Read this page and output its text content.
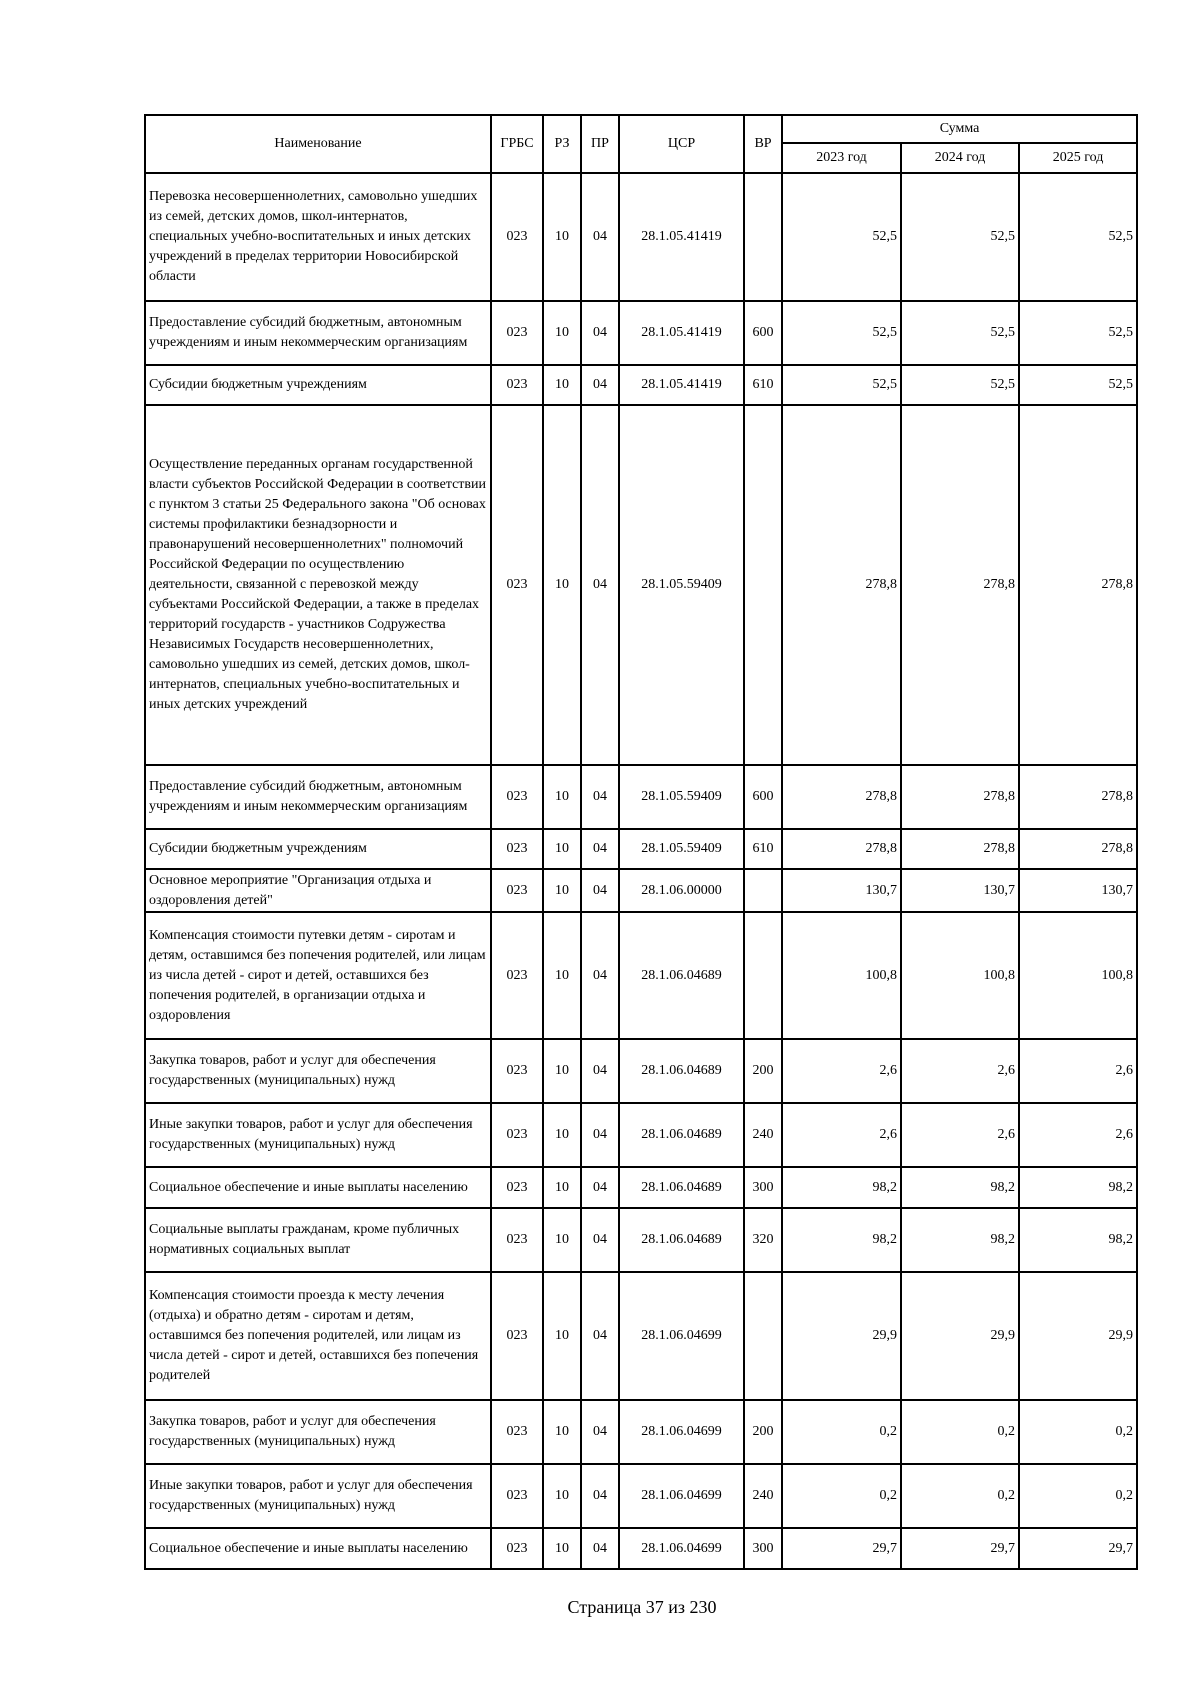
Наименование	ГРБС	РЗ	ПР	ЦСР	ВР	Сумма		
						2023 год	2024 год	2025 год
Перевозка несовершеннолетних, самовольно ушедших из семей, детских домов, школ-интернатов, специальных учебно-воспитательных и иных детских учреждений в пределах территории Новосибирской области	023	10	04	28.1.05.41419		52,5	52,5	52,5
Предоставление субсидий бюджетным, автономным учреждениям и иным некоммерческим организациям	023	10	04	28.1.05.41419	600	52,5	52,5	52,5
Субсидии бюджетным учреждениям	023	10	04	28.1.05.41419	610	52,5	52,5	52,5
Осуществление переданных органам государственной власти субъектов Российской Федерации в соответствии с пунктом 3 статьи 25 Федерального закона "Об основах системы профилактики безнадзорности и правонарушений несовершеннолетних" полномочий Российской Федерации по осуществлению деятельности, связанной с перевозкой между субъектами Российской Федерации, а также в пределах территорий государств - участников Содружества Независимых Государств несовершеннолетних, самовольно ушедших из семей, детских домов, школ-интернатов, специальных учебно-воспитательных и иных детских учреждений	023	10	04	28.1.05.59409		278,8	278,8	278,8
Предоставление субсидий бюджетным, автономным учреждениям и иным некоммерческим организациям	023	10	04	28.1.05.59409	600	278,8	278,8	278,8
Субсидии бюджетным учреждениям	023	10	04	28.1.05.59409	610	278,8	278,8	278,8
Основное мероприятие "Организация отдыха и оздоровления детей"	023	10	04	28.1.06.00000		130,7	130,7	130,7
Компенсация стоимости путевки детям - сиротам и детям, оставшимся без попечения родителей, или лицам из числа детей - сирот и детей, оставшихся без попечения родителей, в организации отдыха и оздоровления	023	10	04	28.1.06.04689		100,8	100,8	100,8
Закупка товаров, работ и услуг для обеспечения государственных (муниципальных) нужд	023	10	04	28.1.06.04689	200	2,6	2,6	2,6
Иные закупки товаров, работ и услуг для обеспечения государственных (муниципальных) нужд	023	10	04	28.1.06.04689	240	2,6	2,6	2,6
Социальное обеспечение и иные выплаты населению	023	10	04	28.1.06.04689	300	98,2	98,2	98,2
Социальные выплаты гражданам, кроме публичных нормативных социальных выплат	023	10	04	28.1.06.04689	320	98,2	98,2	98,2
Компенсация стоимости проезда к месту лечения (отдыха) и обратно детям - сиротам и детям, оставшимся без попечения родителей, или лицам из числа детей - сирот и детей, оставшихся без попечения родителей	023	10	04	28.1.06.04699		29,9	29,9	29,9
Закупка товаров, работ и услуг для обеспечения государственных (муниципальных) нужд	023	10	04	28.1.06.04699	200	0,2	0,2	0,2
Иные закупки товаров, работ и услуг для обеспечения государственных (муниципальных) нужд	023	10	04	28.1.06.04699	240	0,2	0,2	0,2
Социальное обеспечение и иные выплаты населению	023	10	04	28.1.06.04699	300	29,7	29,7	29,7
Страница 37 из 230
